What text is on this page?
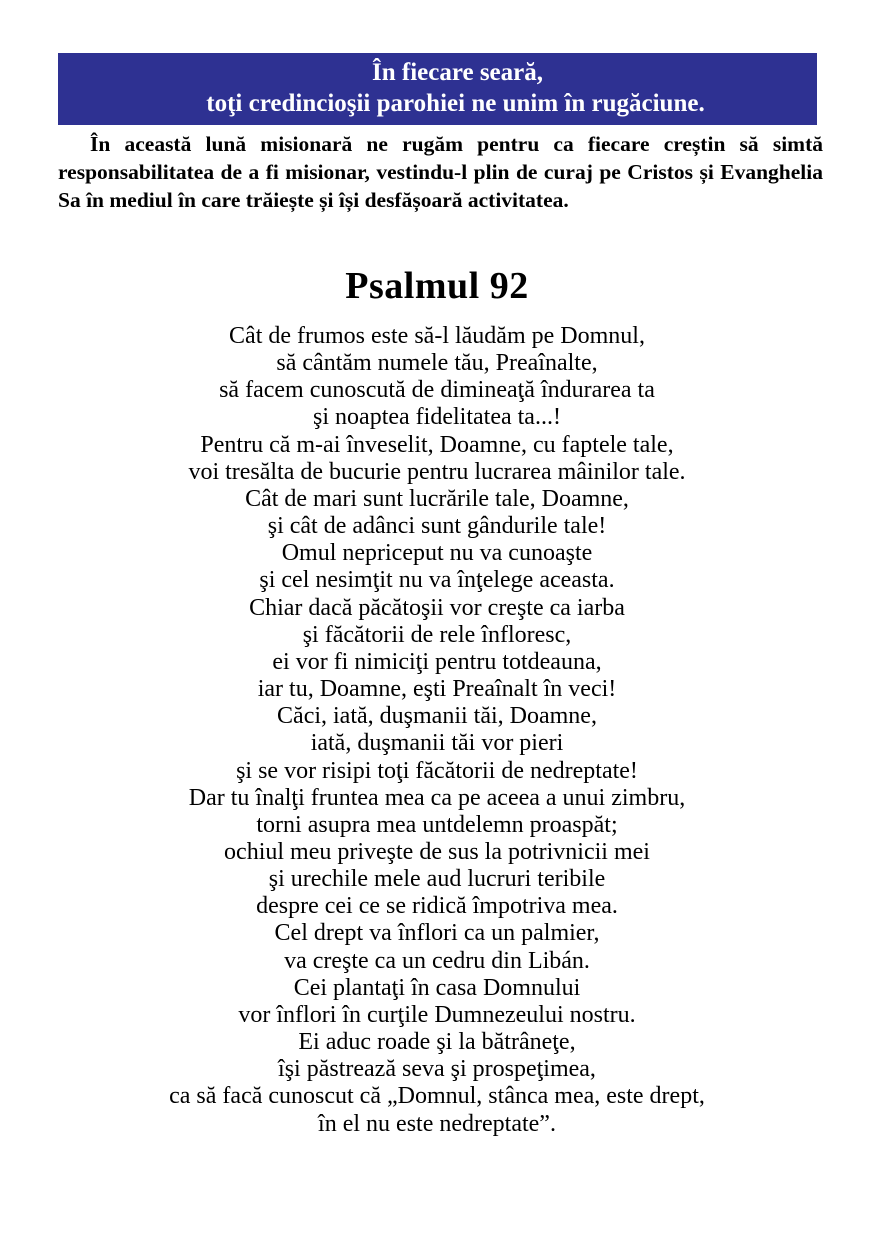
În fiecare seară,
toţi credincioşii parohiei ne unim în rugăciune.
În această lună misionară ne rugăm pentru ca fiecare creștin să simtă responsabilitatea de a fi misionar, vestindu-l plin de curaj pe Cristos și Evanghelia Sa în mediul în care trăiește și își desfășoară activitatea.
Psalmul 92
Cât de frumos este să-l lăudăm pe Domnul,
să cântăm numele tău, Preaînalte,
să facem cunoscută de dimineaţă îndurarea ta
şi noaptea fidelitatea ta...!
Pentru că m-ai înveselit, Doamne, cu faptele tale,
voi tresălta de bucurie pentru lucrarea mâinilor tale.
Cât de mari sunt lucrările tale, Doamne,
şi cât de adânci sunt gândurile tale!
Omul nepriceput nu va cunoaşte
şi cel nesimţit nu va înţelege aceasta.
Chiar dacă păcătoşii vor creşte ca iarba
şi făcătorii de rele înfloresc,
ei vor fi nimiciţi pentru totdeauna,
iar tu, Doamne, eşti Preaînalt în veci!
Căci, iată, duşmanii tăi, Doamne,
iată, duşmanii tăi vor pieri
şi se vor risipi toţi făcătorii de nedreptate!
Dar tu înalţi fruntea mea ca pe aceea a unui zimbru,
torni asupra mea untdelemn proaspăt;
ochiul meu priveşte de sus la potrivnicii mei
şi urechile mele aud lucruri teribile
despre cei ce se ridică împotriva mea.
Cel drept va înflori ca un palmier,
va creşte ca un cedru din Libán.
Cei plantaţi în casa Domnului
vor înflori în curţile Dumnezeului nostru.
Ei aduc roade şi la bătrâneţe,
îşi păstrează seva şi prospeţimea,
ca să facă cunoscut că „Domnul, stânca mea, este drept,
în el nu este nedreptate”.
